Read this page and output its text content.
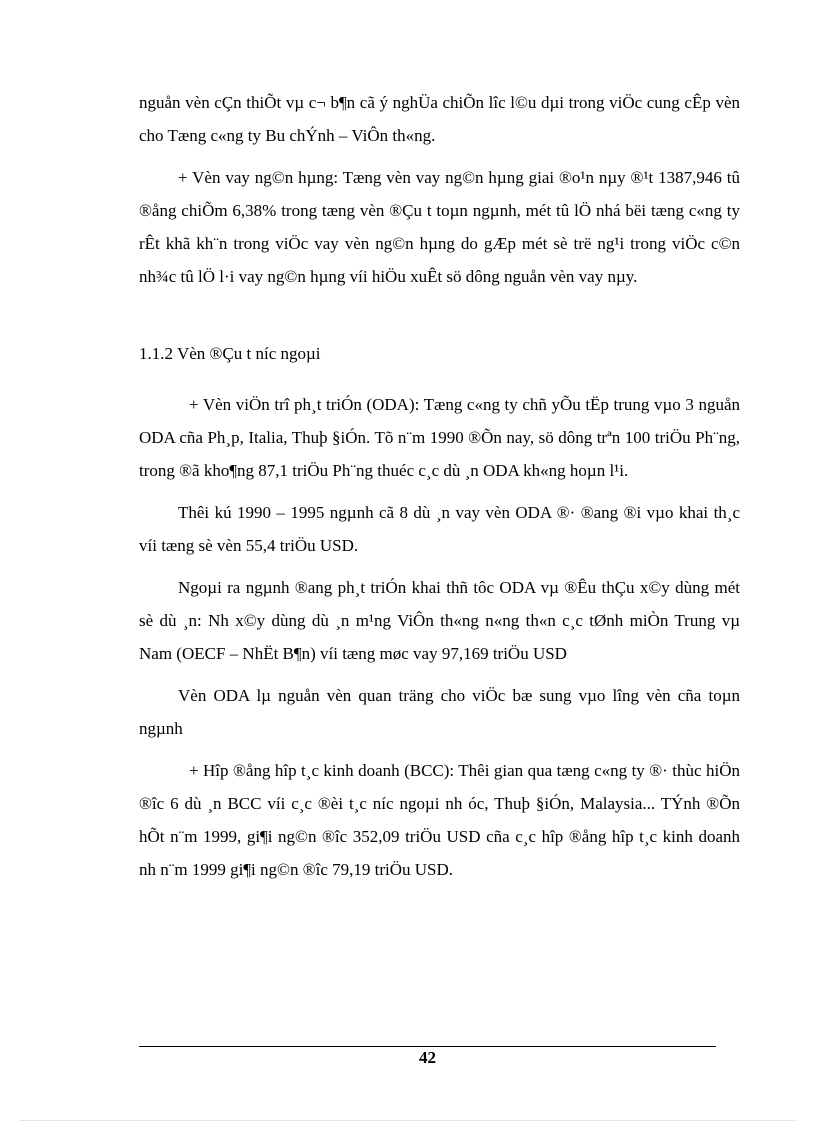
nguån vèn cÇn thiÕt vµ c¬ b¶n cã ý nghÜa chiÕn lîc l©u dµi trong viÖc cung cÊp vèn cho Tæng c«ng ty Bu chÝnh – ViÔn th«ng.

+ Vèn vay ng©n hµng: Tæng vèn vay ng©n hµng giai ®o¹n nµy ®¹t 1387,946 tû ®ång chiÕm 6,38% trong tæng vèn ®Çu t toµn ngµnh, mét tû lÖ nhá bëi tæng c«ng ty rÊt khã kh¨n trong viÖc vay vèn ng©n hµng do gÆp mét sè trë ng¹i trong viÖc c©n nh¾c tû lÖ l·i vay ng©n hµng víi hiÖu xuÊt sö dông nguån vèn vay nµy.

1.1.2 Vèn ®Çu t níc ngoµi

+ Vèn viÖn trî ph¸t triÓn (ODA): Tæng c«ng ty chñ yÕu tËp trung vµo 3 nguån ODA cña Ph¸p, Italia, Thuþ §iÓn. Tõ n¨m 1990 ®Õn nay, sö dông trªn 100 triÖu Ph¨ng, trong ®ã kho¶ng 87,1 triÖu Ph¨ng thuéc c¸c dù ¸n ODA kh«ng hoµn l¹i.

Thêi kú 1990 – 1995 ngµnh cã 8 dù ¸n vay vèn ODA ®· ®ang ®i vµo khai th¸c víi tæng sè vèn 55,4 triÖu USD.

Ngoµi ra ngµnh ®ang ph¸t triÓn khai thñ tôc ODA vµ ®Êu thÇu x©y dùng mét sè dù ¸n: Nh x©y dùng dù ¸n m¹ng ViÔn th«ng n«ng th«n c¸c tØnh miÒn Trung vµ Nam (OECF – NhËt B¶n) víi tæng møc vay 97,169 triÖu USD

Vèn ODA lµ nguån vèn quan träng cho viÖc bæ sung vµo lîng vèn cña toµn ngµnh

+ Hîp ®ång hîp t¸c kinh doanh (BCC): Thêi gian qua tæng c«ng ty ®· thùc hiÖn ®îc 6 dù ¸n BCC víi c¸c ®èi t¸c níc ngoµi nh óc, Thuþ §iÓn, Malaysia... TÝnh ®Õn hÕt n¨m 1999, gi¶i ng©n ®îc 352,09 triÖu USD cña c¸c hîp ®ång hîp t¸c kinh doanh nh n¨m 1999 gi¶i ng©n ®îc 79,19 triÖu USD.

42
